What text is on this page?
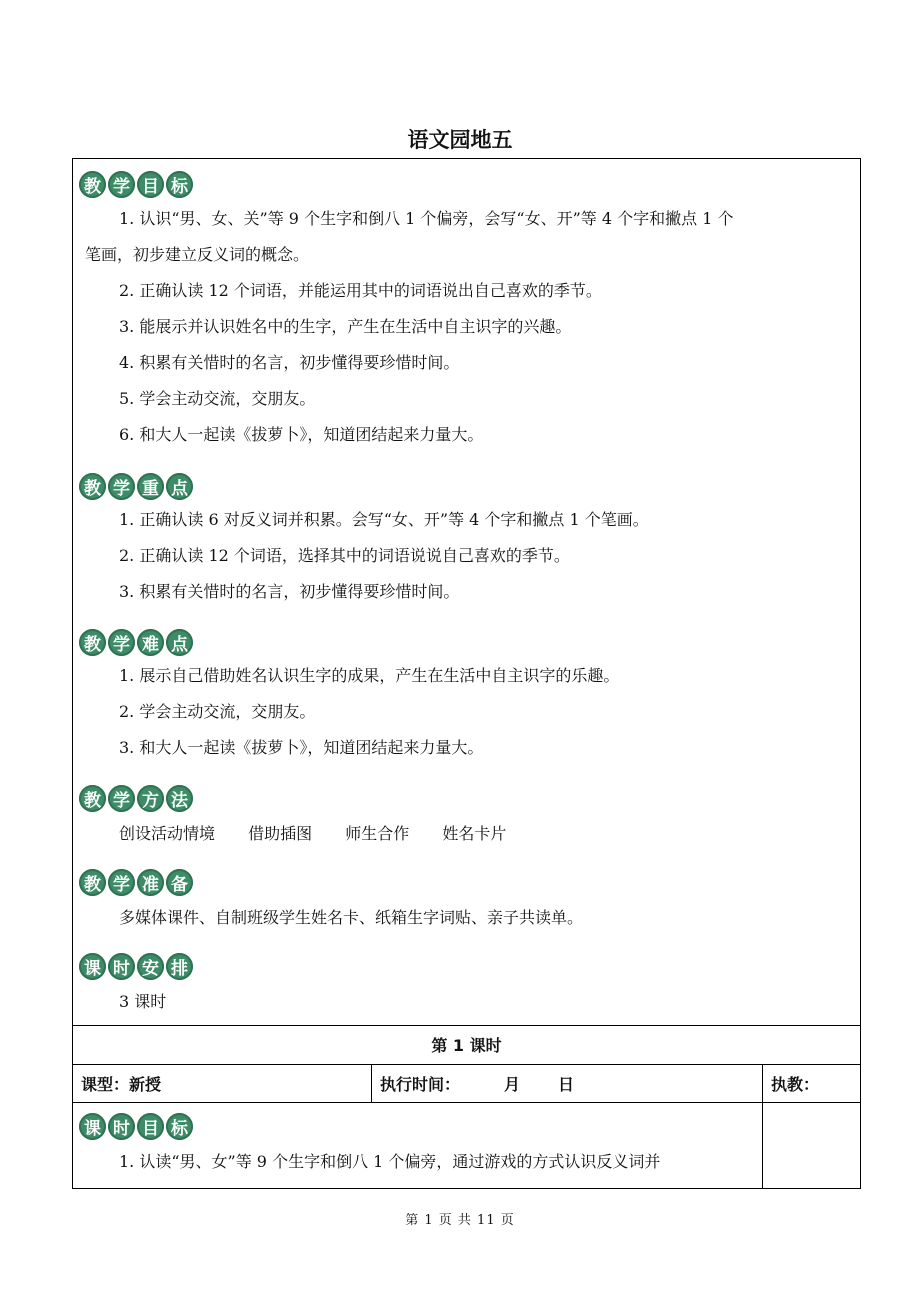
语文园地五
教 学 目 标
1. 认识“男、女、关”等 9 个生字和倒八 1 个偏旁，会写“女、开”等 4 个字和撇点 1 个
笔画，初步建立反义词的概念。
2. 正确认读 12 个词语，并能运用其中的词语说出自己喜欢的季节。
3. 能展示并认识姓名中的生字，产生在生活中自主识字的兴趣。
4. 积累有关惜时的名言，初步懂得要珍惜时间。
5. 学会主动交流，交朋友。
6. 和大人一起读《拔萝卜》，知道团结起来力量大。
教 学 重 点
1. 正确认读 6 对反义词并积累。会写“女、开”等 4 个字和撇点 1 个笔画。
2. 正确认读 12 个词语，选择其中的词语说说自己喜欢的季节。
3. 积累有关惜时的名言，初步懂得要珍惜时间。
教 学 难 点
1. 展示自己借助姓名认识生字的成果，产生在生活中自主识字的乐趣。
2. 学会主动交流，交朋友。
3. 和大人一起读《拔萝卜》，知道团结起来力量大。
教 学 方 法
创设活动情境 借助插图 师生合作 姓名卡片
教 学 准 备
多媒体课件、自制班级学生姓名卡、纸箱生字词贴、亲子共读单。
课 时 安 排
3 课时
第 1 课时
课型：新授	执行时间：	月 日	执教：
课 时 目 标
1. 认读“男、女”等 9 个生字和倒八 1 个偏旁，通过游戏的方式认识反义词并
第 1 页 共 11 页
